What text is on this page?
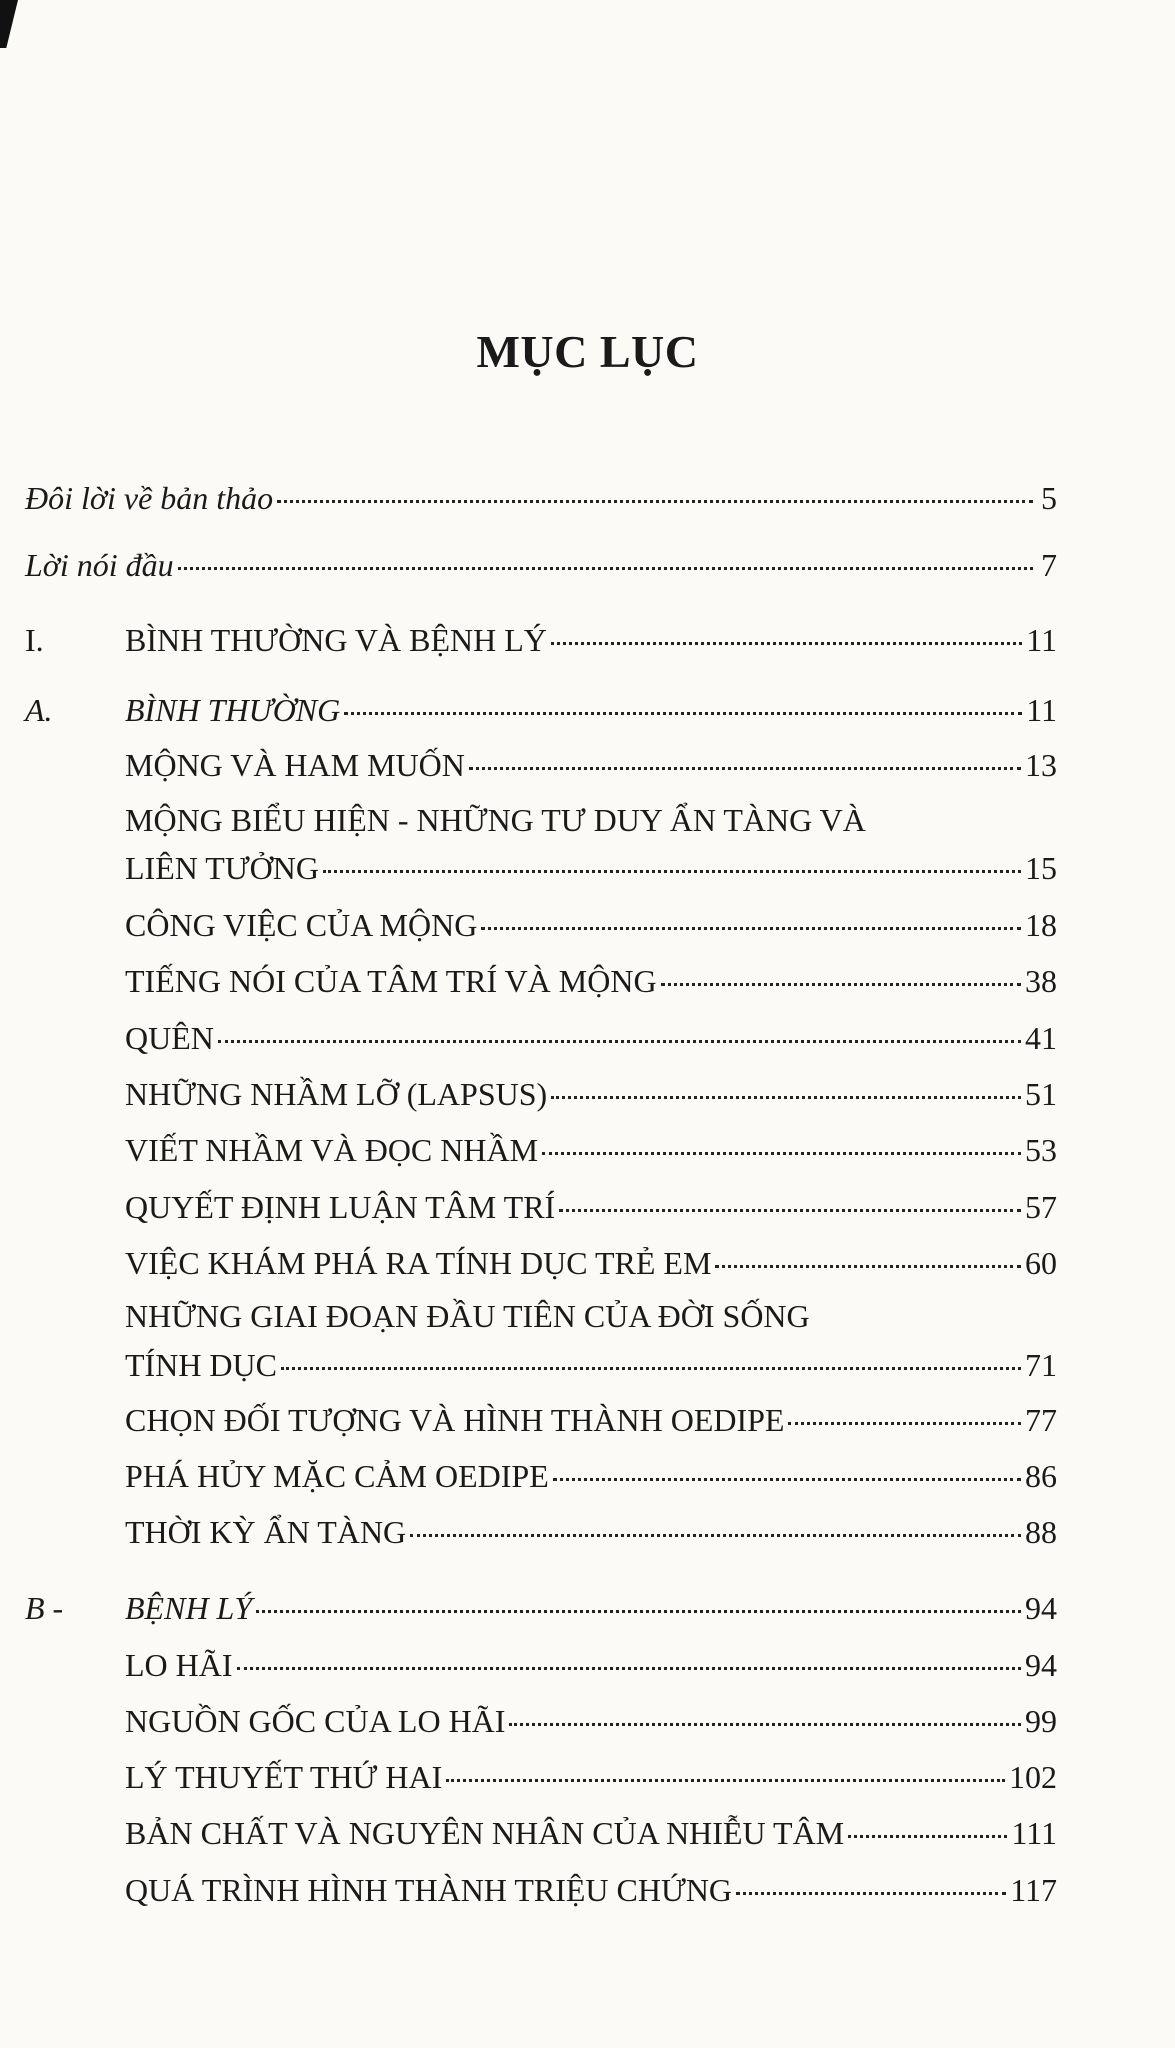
MỤC LỤC
Đôi lời về bản thảo	5
Lời nói đầu	7
I.	BÌNH THƯỜNG VÀ BỆNH LÝ	11
A.	BÌNH THƯỜNG	11
MỘNG VÀ HAM MUỐN	13
MỘNG BIỂU HIỆN - NHỮNG TƯ DUY ẨN TÀNG VÀ
LIÊN TƯỞNG	15
CÔNG VIỆC CỦA MỘNG	18
TIẾNG NÓI CỦA TÂM TRÍ VÀ MỘNG	38
QUÊN	41
NHỮNG NHẦM LỠ (LAPSUS)	51
VIẾT NHẦM VÀ ĐỌC NHẦM	53
QUYẾT ĐỊNH LUẬN TÂM TRÍ	57
VIỆC KHÁM PHÁ RA TÍNH DỤC TRẺ EM	60
NHỮNG GIAI ĐOẠN ĐẦU TIÊN CỦA ĐỜI SỐNG
TÍNH DỤC	71
CHỌN ĐỐI TƯỢNG VÀ HÌNH THÀNH OEDIPE	77
PHÁ HỦY MẶC CẢM OEDIPE	86
THỜI KỲ ẨN TÀNG	88
B -	BỆNH LÝ	94
LO HÃI	94
NGUỒN GỐC CỦA LO HÃI	99
LÝ THUYẾT THỨ HAI	102
BẢN CHẤT VÀ NGUYÊN NHÂN CỦA NHIỄU TÂM	111
QUÁ TRÌNH HÌNH THÀNH TRIỆU CHỨNG	117
